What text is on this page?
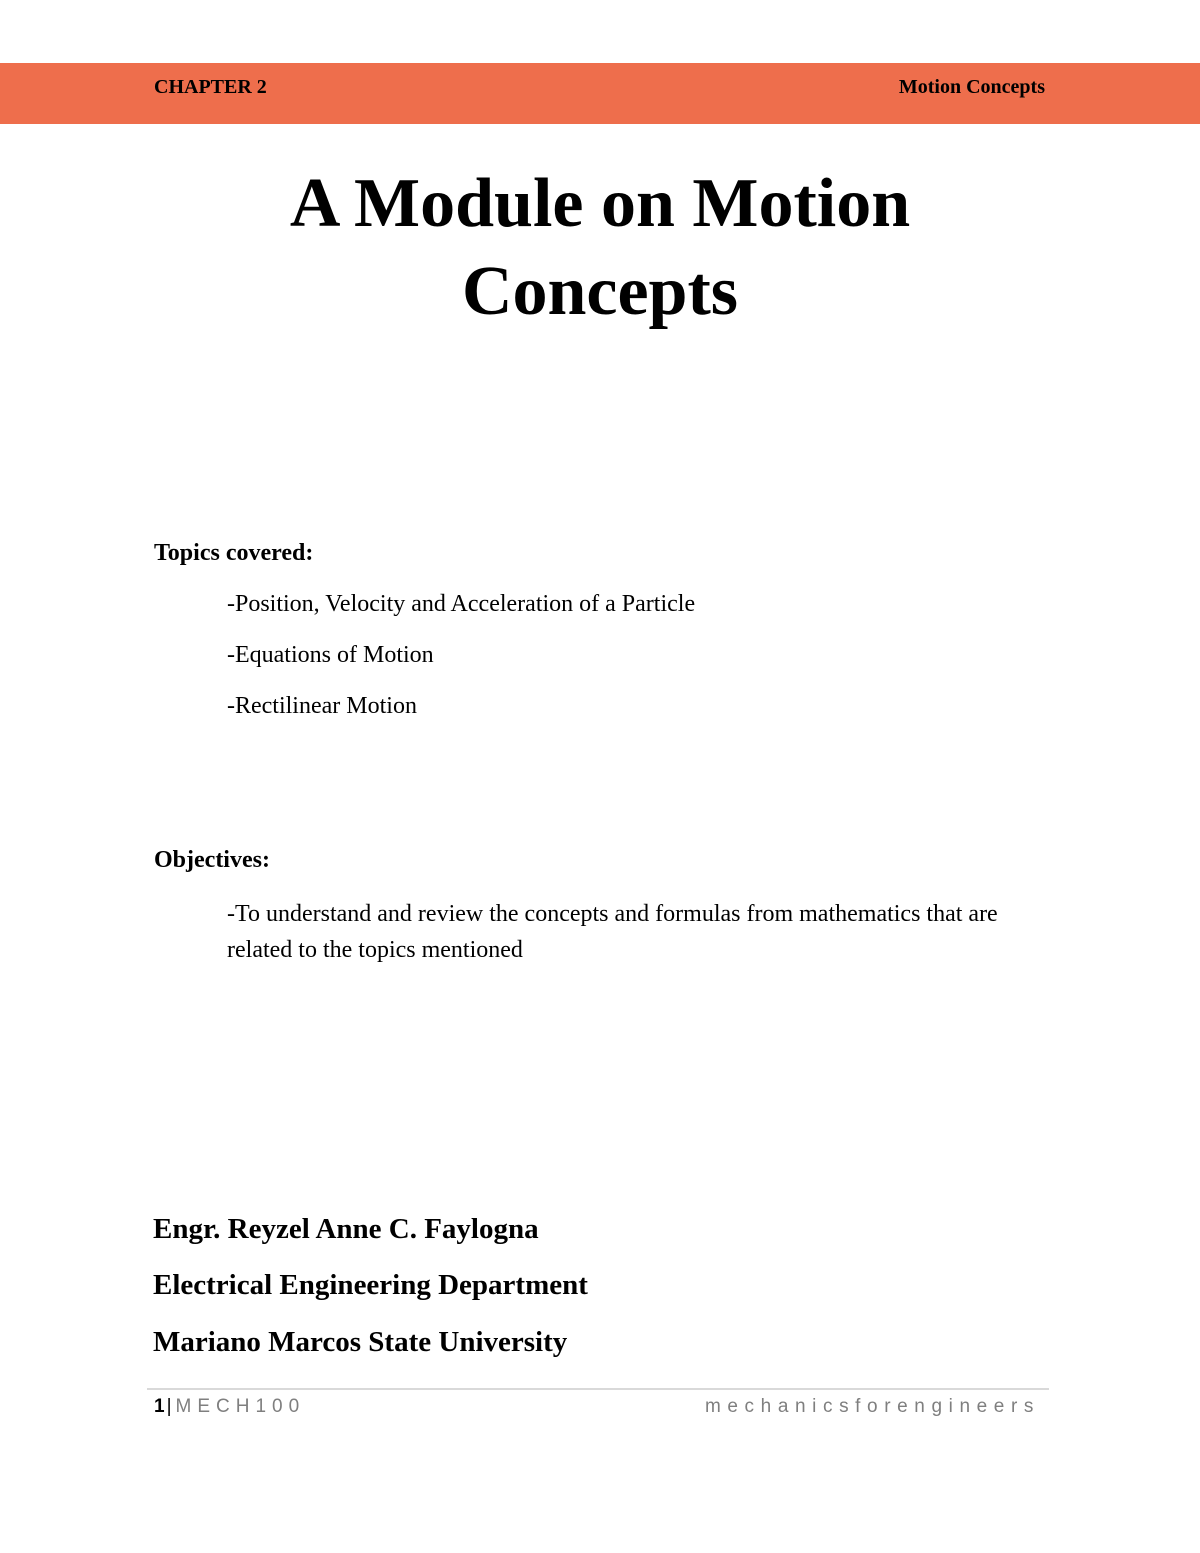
CHAPTER 2	Motion Concepts
A Module on Motion
Concepts
Topics covered:
-Position, Velocity and Acceleration of a Particle
-Equations of Motion
-Rectilinear Motion
Objectives:
-To understand and review the concepts and formulas from mathematics that are related to the topics mentioned
Engr. Reyzel Anne C. Faylogna
Electrical Engineering Department
Mariano Marcos State University
1 | MECH100	mechanicsforengineers
